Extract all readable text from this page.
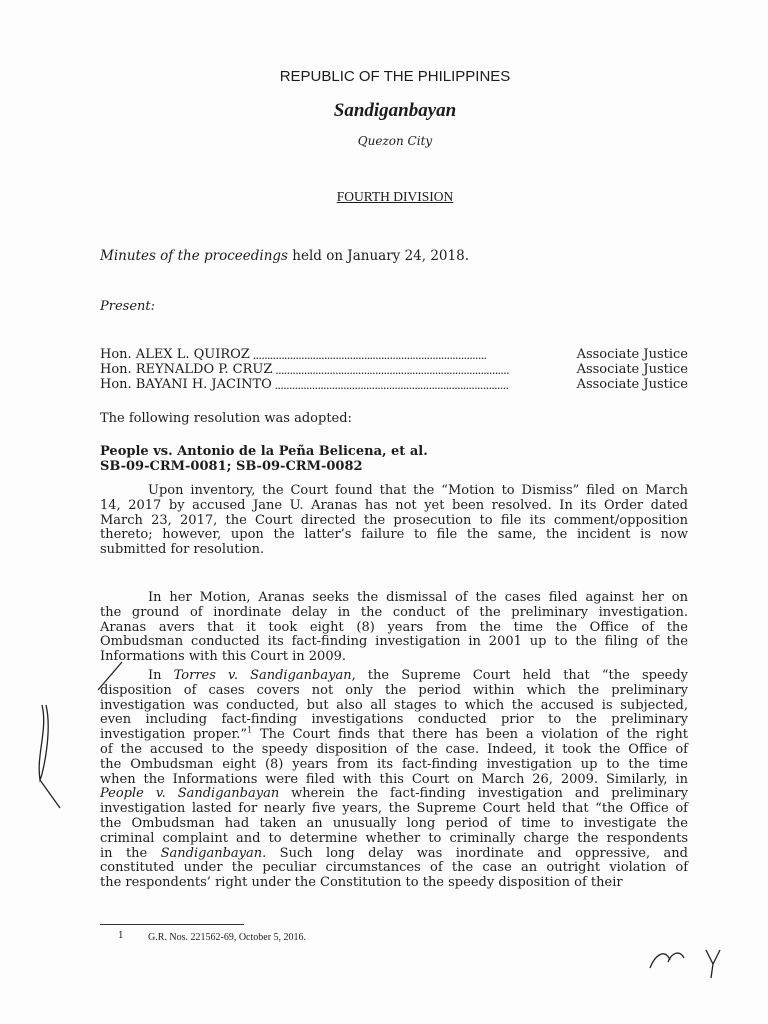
REPUBLIC OF THE PHILIPPINES
Sandiganbayan
Quezon City
FOURTH DIVISION
Minutes of the proceedings held on January 24, 2018.
Present:
Hon. ALEX L. QUIROZ ..................................................................................	Associate Justice
Hon. REYNALDO P. CRUZ ..................................................................................	Associate Justice
Hon. BAYANI H. JACINTO ..................................................................................	Associate Justice
The following resolution was adopted:
People vs. Antonio de la Peña Belicena, et al.
SB-09-CRM-0081; SB-09-CRM-0082
Upon inventory, the Court found that the “Motion to Dismiss” filed on March
14, 2017 by accused Jane U. Aranas has not yet been resolved. In its Order dated
March 23, 2017, the Court directed the prosecution to file its comment/opposition
thereto; however, upon the latter’s failure to file the same, the incident is now
submitted for resolution.
In her Motion, Aranas seeks the dismissal of the cases filed against her on
the ground of inordinate delay in the conduct of the preliminary investigation.
Aranas avers that it took eight (8) years from the time the Office of the
Ombudsman conducted its fact-finding investigation in 2001 up to the filing of the
Informations with this Court in 2009.
In Torres v. Sandiganbayan, the Supreme Court held that “the speedy
disposition of cases covers not only the period within which the preliminary
investigation was conducted, but also all stages to which the accused is subjected,
even including fact-finding investigations conducted prior to the preliminary
investigation proper.”$^1$ The Court finds that there has been a violation of the right
of the accused to the speedy disposition of the case. Indeed, it took the Office of
the Ombudsman eight (8) years from its fact-finding investigation up to the time
when the Informations were filed with this Court on March 26, 2009. Similarly, in
People v. Sandiganbayan wherein the fact-finding investigation and preliminary
investigation lasted for nearly five years, the Supreme Court held that “the Office of
the Ombudsman had taken an unusually long period of time to investigate the
criminal complaint and to determine whether to criminally charge the respondents
in the Sandiganbayan. Such long delay was inordinate and oppressive, and
constituted under the peculiar circumstances of the case an outright violation of
the respondents’ right under the Constitution to the speedy disposition of their
1 G.R. Nos. 221562-69, October 5, 2016.
